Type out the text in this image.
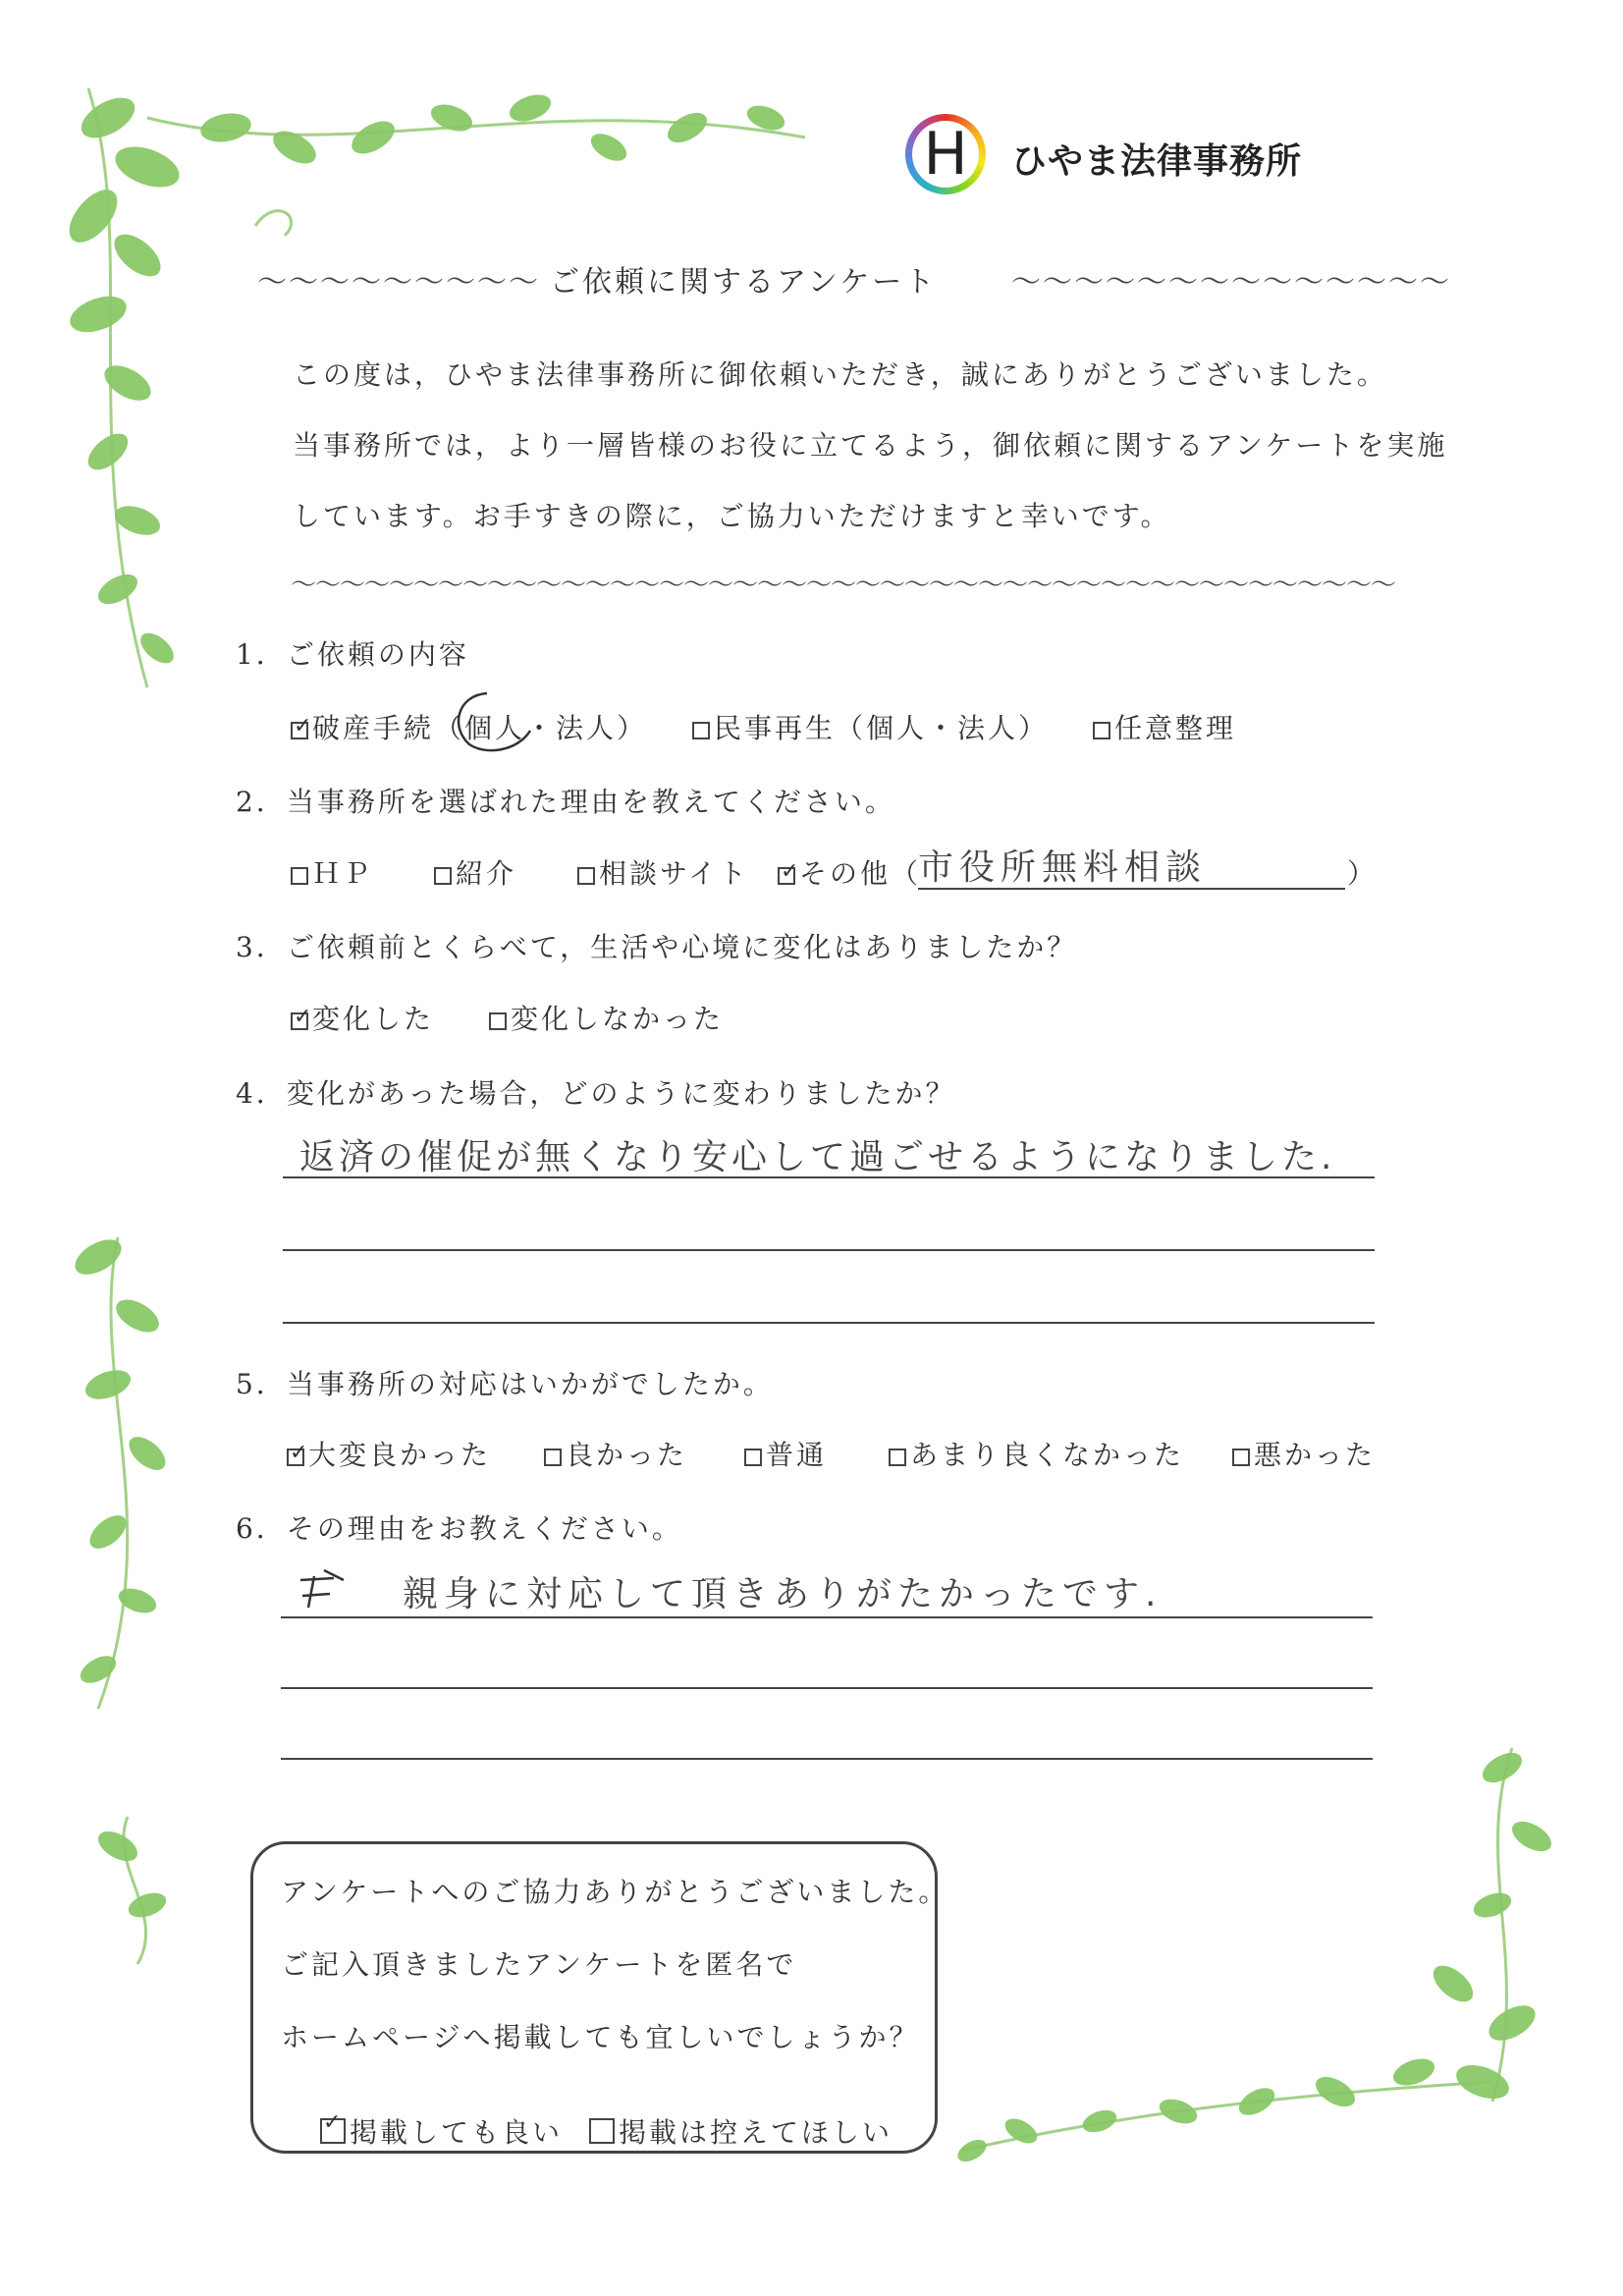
H	ひやま法律事務所
〜〜〜〜〜〜〜〜〜 ご依頼に関するアンケート	〜〜〜〜〜〜〜〜〜〜〜〜〜〜
この度は，ひやま法律事務所に御依頼いただき，誠にありがとうございました。
当事務所では，より一層皆様のお役に立てるよう，御依頼に関するアンケートを実施
しています。お手すきの際に，ご協力いただけますと幸いです。
〜〜〜〜〜〜〜〜〜〜〜〜〜〜〜〜〜〜〜〜〜〜〜〜〜〜〜〜〜〜〜〜〜〜〜〜〜〜〜〜〜〜〜〜〜
1．ご依頼の内容
✓破産手続（個人・法人）	民事再生（個人・法人）	任意整理
2．当事務所を選ばれた理由を教えてください。
ＨＰ	紹介	相談サイト ✓	その他（
市役所無料相談	）
3．ご依頼前とくらべて，生活や心境に変化はありましたか？
✓変化した	変化しなかった
4．変化があった場合，どのように変わりましたか？
返済の催促が無くなり安心して過ごせるようになりました.
5．当事務所の対応はいかがでしたか。
✓大変良かった	良かった	普通	あまり良くなかった	悪かった
6．その理由をお教えください。
親身に対応して頂きありがたかったです.
アンケートへのご協力ありがとうございました。
ご記入頂きましたアンケートを匿名で
ホームページへ掲載しても宜しいでしょうか？
✓掲載しても良い	掲載は控えてほしい
